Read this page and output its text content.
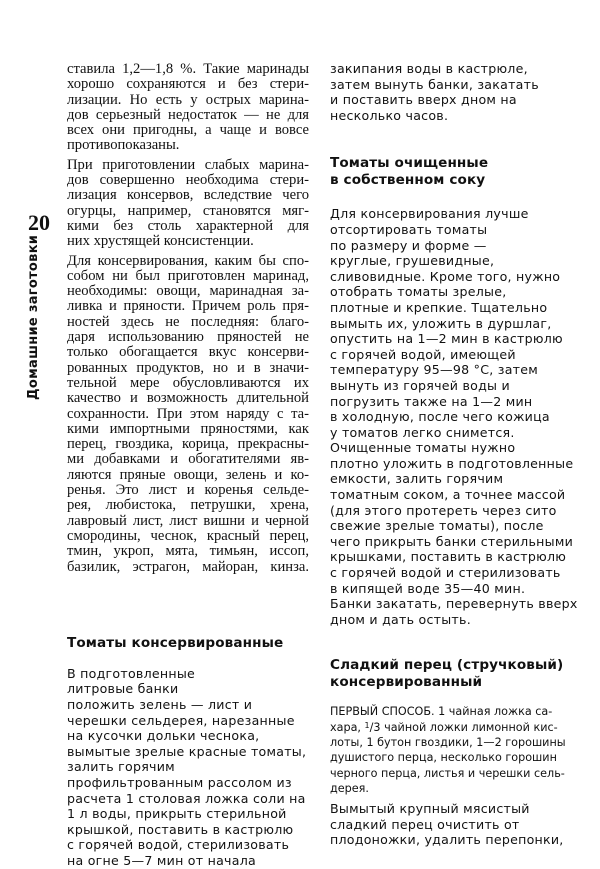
20
Домашние заготовки
ставила 1,2—1,8 %. Такие маринады
хорошо сохраняются и без стери-
лизации. Но есть у острых марина-
дов серьезный недостаток — не для
всех они пригодны, а чаще и вовсе
противопоказаны.
При приготовлении слабых марина-
дов совершенно необходима стери-
лизация консервов, вследствие чего
огурцы, например, становятся мяг-
кими без столь характерной для
них хрустящей консистенции.
Для консервирования, каким бы спо-
собом ни был приготовлен маринад,
необходимы: овощи, маринадная за-
ливка и пряности. Причем роль пря-
ностей здесь не последняя: благо-
даря использованию пряностей не
только обогащается вкус консерви-
рованных продуктов, но и в значи-
тельной мере обусловливаются их
качество и возможность длительной
сохранности. При этом наряду с та-
кими импортными пряностями, как
перец, гвоздика, корица, прекрасны-
ми добавками и обогатителями яв-
ляются пряные овощи, зелень и ко-
ренья. Это лист и коренья сельде-
рея, любистока, петрушки, хрена,
лавровый лист, лист вишни и черной
смородины, чеснок, красный перец,
тмин, укроп, мята, тимьян, иссоп,
базилик, эстрагон, майоран, кинза.
Томаты консервированные
В подготовленные
литровые банки
положить зелень — лист и
черешки сельдерея, нарезанные
на кусочки дольки чеснока,
вымытые зрелые красные томаты,
залить горячим
профильтрованным рассолом из
расчета 1 столовая ложка соли на
1 л воды, прикрыть стерильной
крышкой, поставить в кастрюлю
с горячей водой, стерилизовать
на огне 5—7 мин от начала
закипания воды в кастрюле,
затем вынуть банки, закатать
и поставить вверх дном на
несколько часов.
Томаты очищенные
в собственном соку
Для консервирования лучше
отсортировать томаты
по размеру и форме —
круглые, грушевидные,
сливовидные. Кроме того, нужно
отобрать томаты зрелые,
плотные и крепкие. Тщательно
вымыть их, уложить в дуршлаг,
опустить на 1—2 мин в кастрюлю
с горячей водой, имеющей
температуру 95—98 °С, затем
вынуть из горячей воды и
погрузить также на 1—2 мин
в холодную, после чего кожица
у томатов легко снимется.
Очищенные томаты нужно
плотно уложить в подготовленные
емкости, залить горячим
томатным соком, а точнее массой
(для этого протереть через сито
свежие зрелые томаты), после
чего прикрыть банки стерильными
крышками, поставить в кастрюлю
с горячей водой и стерилизовать
в кипящей воде 35—40 мин.
Банки закатать, перевернуть вверх
дном и дать остыть.
Сладкий перец (стручковый)
консервированный
ПЕРВЫЙ СПОСОБ. 1 чайная ложка са-
хара, $^1$/3 чайной ложки лимонной кис-
лоты, 1 бутон гвоздики, 1—2 горошины
душистого перца, несколько горошин
черного перца, листья и черешки сель-
дерея.
Вымытый крупный мясистый
сладкий перец очистить от
плодоножки, удалить перепонки,
